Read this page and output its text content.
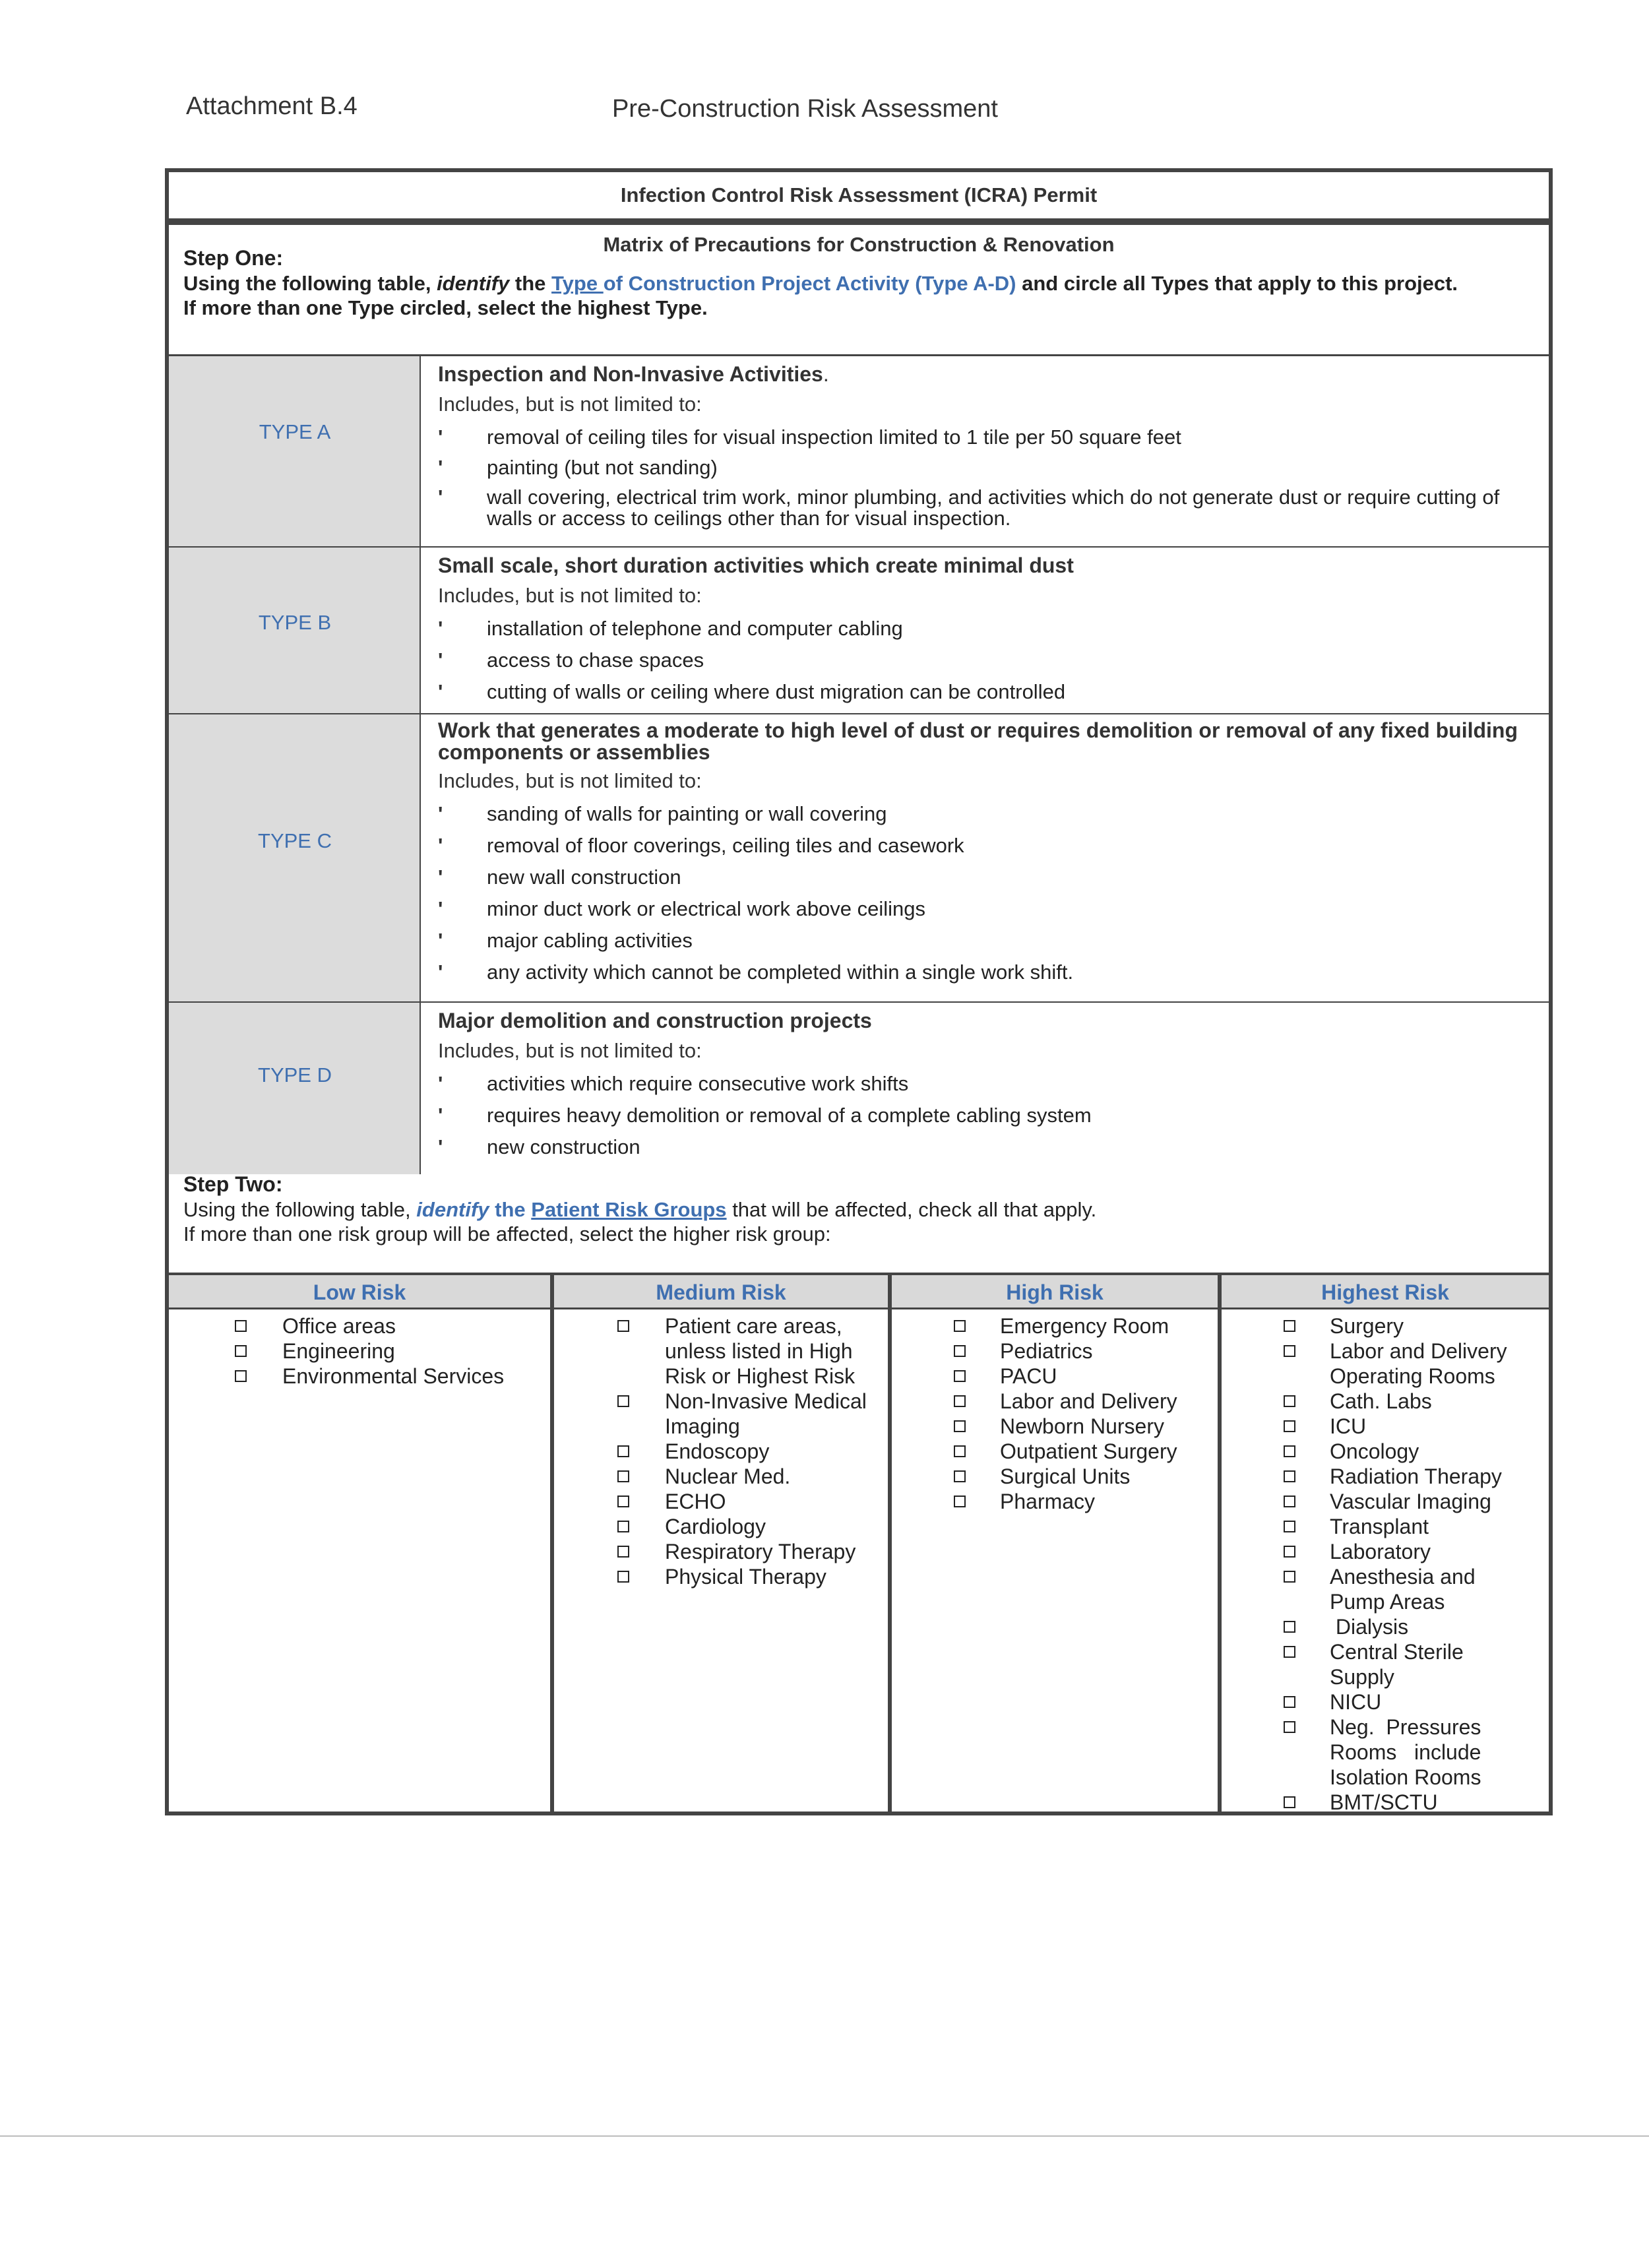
Attachment B.4	Pre-Construction Risk Assessment
Infection Control Risk Assessment (ICRA) Permit
Matrix of Precautions for Construction & Renovation
Step One:
Using the following table, identify the Type of Construction Project Activity (Type A-D) and circle all Types that apply to this project.
If more than one Type circled, select the highest Type.
TYPE A
Inspection and Non-Invasive Activities.
Includes, but is not limited to:
' removal of ceiling tiles for visual inspection limited to 1 tile per 50 square feet
' painting (but not sanding)
' wall covering, electrical trim work, minor plumbing, and activities which do not generate dust or require cutting of walls or access to ceilings other than for visual inspection.
TYPE B
Small scale, short duration activities which create minimal dust
Includes, but is not limited to:
' installation of telephone and computer cabling
' access to chase spaces
' cutting of walls or ceiling where dust migration can be controlled
TYPE C
Work that generates a moderate to high level of dust or requires demolition or removal of any fixed building components or assemblies
Includes, but is not limited to:
' sanding of walls for painting or wall covering
' removal of floor coverings, ceiling tiles and casework
' new wall construction
' minor duct work or electrical work above ceilings
' major cabling activities
' any activity which cannot be completed within a single work shift.
TYPE D
Major demolition and construction projects
Includes, but is not limited to:
' activities which require consecutive work shifts
' requires heavy demolition or removal of a complete cabling system
' new construction
Step Two:
Using the following table, identify the Patient Risk Groups that will be affected, check all that apply.
If more than one risk group will be affected, select the higher risk group:
Low Risk
Office areas
Engineering
Environmental Services
Medium Risk
Patient care areas,
unless listed in High
Risk or Highest Risk
Non-Invasive Medical
Imaging
Endoscopy
Nuclear Med.
ECHO
Cardiology
Respiratory Therapy
Physical Therapy
High Risk
Emergency Room
Pediatrics
PACU
Labor and Delivery
Newborn Nursery
Outpatient Surgery
Surgical Units
Pharmacy
Highest Risk
Surgery
Labor and Delivery
Operating Rooms
Cath. Labs
ICU
Oncology
Radiation Therapy
Vascular Imaging
Transplant
Laboratory
Anesthesia and
Pump Areas
Dialysis
Central Sterile
Supply
NICU
Neg.  Pressures
Rooms   include
Isolation Rooms
BMT/SCTU
